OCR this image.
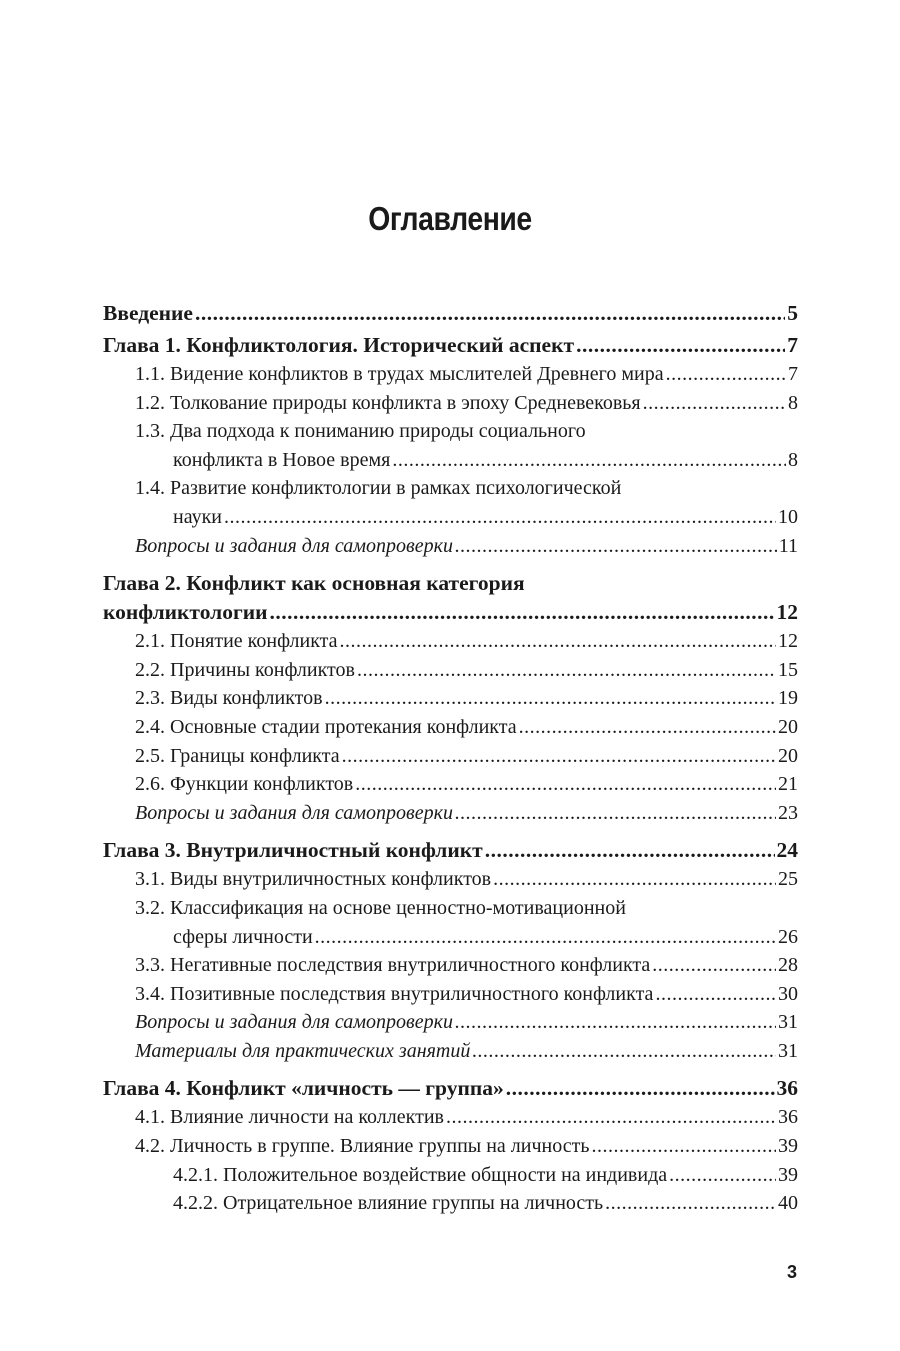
Оглавление
Введение .....	5
Глава 1. Конфликтология. Исторический аспект .....	7
1.1. Видение конфликтов в трудах мыслителей Древнего мира .....	7
1.2. Толкование природы конфликта в эпоху Средневековья .....	8
1.3. Два подхода к пониманию природы социального
конфликта в Новое время .....	8
1.4. Развитие конфликтологии в рамках психологической
науки .....	10
Вопросы и задания для самопроверки .....	11
Глава 2. Конфликт как основная категория
конфликтологии .....	12
2.1. Понятие конфликта .....	12
2.2. Причины конфликтов .....	15
2.3. Виды конфликтов .....	19
2.4. Основные стадии протекания конфликта .....	20
2.5. Границы конфликта .....	20
2.6. Функции конфликтов .....	21
Вопросы и задания для самопроверки .....	23
Глава 3. Внутриличностный конфликт .....	24
3.1. Виды внутриличностных конфликтов .....	25
3.2. Классификация на основе ценностно-мотивационной
сферы личности .....	26
3.3. Негативные последствия внутриличностного конфликта .....	28
3.4. Позитивные последствия внутриличностного конфликта .....	30
Вопросы и задания для самопроверки .....	31
Материалы для практических занятий .....	31
Глава 4. Конфликт «личность — группа» .....	36
4.1. Влияние личности на коллектив .....	36
4.2. Личность в группе. Влияние группы на личность .....	39
4.2.1. Положительное воздействие общности на индивида .....	39
4.2.2. Отрицательное влияние группы на личность .....	40
3
